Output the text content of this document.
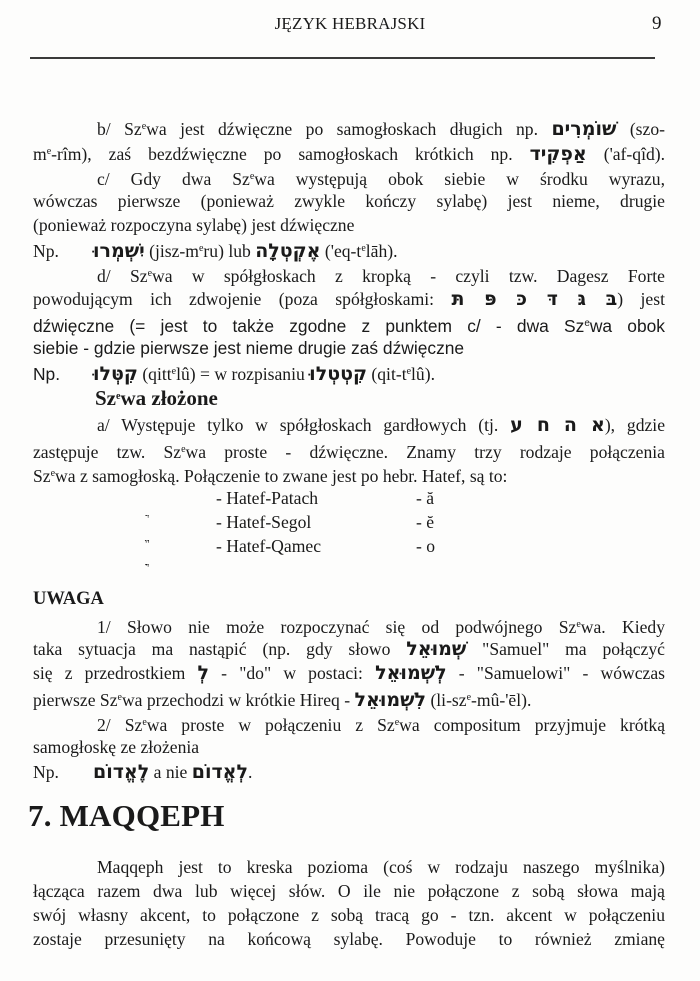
JĘZYK HEBRAJSKI	9
b/ Sz$^e$wa jest dźwięczne po samogłoskach długich np. שׁוֹמְרִים (szo-
$m^e-rîm$), zaś bezdźwięczne po samogłoskach krótkich np. אַפְקִיד ('af-qîd).
c/ Gdy dwa Sz$^e$wa występują obok siebie w środku wyrazu,
wówczas pierwsze (ponieważ zwykle kończy sylabę) jest nieme, drugie
(ponieważ rozpoczyna sylabę) jest dźwięczne
Np. יִשְׁמְרוּ $(jisz-m^eru)$ lub אֶקְטְלָה $('eq-t^elāh)$.
d/ Sz$^e$wa w spółgłoskach z kropką - czyli tzw. Dagesz Forte
powodującym ich zdwojenie (poza spółgłoskami: בּ גּ דּ כּ פּ תּ) jest
dźwięczne (= jest to także zgodne z punktem c/ - dwa Sz$^e$wa obok
siebie - gdzie pierwsze jest nieme drugie zaś dźwięczne
Np. קִטְּלוּ (qitt$^e$lû) = w rozpisaniu קִטְטְלוּ $(qit-t^elû)$.
Sz$^e$wa złożone
a/ Występuje tylko w spółgłoskach gardłowych (tj. א ה ח ע), gdzie
zastępuje tzw. Sz$^e$wa proste - dźwięczne. Znamy trzy rodzaje połączenia
Sz$^e$wa z samogłoską. Połączenie to zwane jest po hebr. Hatef, są to:
- Hatef-Patach	- ă
- Hatef-Segol	- ĕ
- Hatef-Qamec	- o
UWAGA
1/ Słowo nie może rozpoczynać się od podwójnego Sz$^e$wa. Kiedy
taka sytuacja ma nastąpić (np. gdy słowo שְׁמוּאֵל "Samuel" ma połączyć
się z przedrostkiem לְ - "do" w postaci: לְשְׁמוּאֵל - "Samuelowi" - wówczas
pierwsze Sz$^e$wa przechodzi w krótkie Hireq - לִשְׁמוּאֵל $(li-sz^e-mû-'ēl)$.
2/ Sz$^e$wa proste w połączeniu z Sz$^e$wa compositum przyjmuje krótką
samogłoskę ze złożenia
Np. לֶאֱדוֹם a nie לְאֱדוֹם.
7. MAQQEPH
Maqqeph jest to kreska pozioma (coś w rodzaju naszego myślnika)
łącząca razem dwa lub więcej słów. O ile nie połączone z sobą słowa mają
swój własny akcent, to połączone z sobą tracą go - tzn. akcent w połączeniu
zostaje przesunięty na końcową sylabę. Powoduje to również zmianę
